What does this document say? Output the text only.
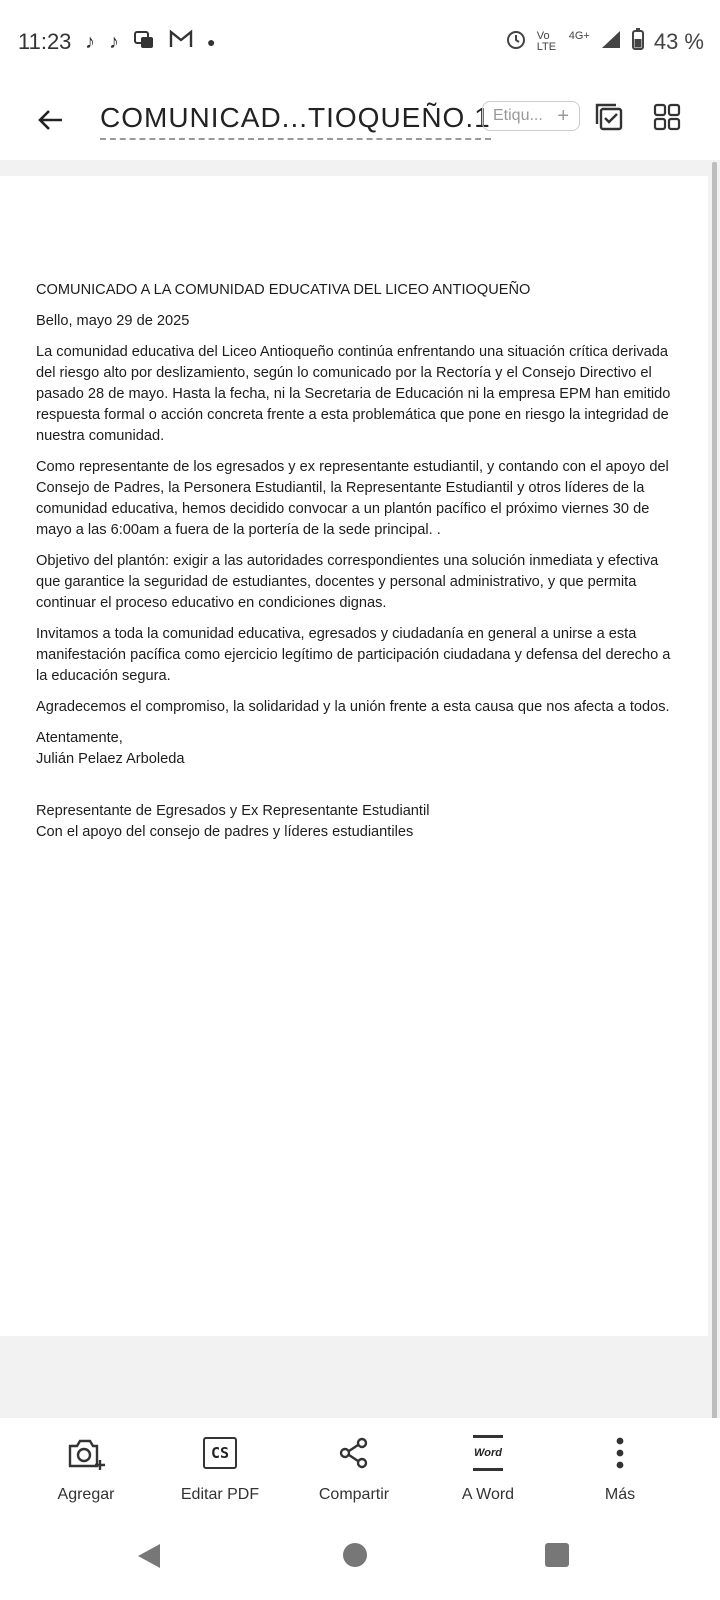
11:23 ♪ ♪	●	Vo LTE
4G+	43 %
COMUNICAD...TIOQUEÑO.1 Etiqu... +

COMUNICADO A LA COMUNIDAD EDUCATIVA DEL LICEO ANTIOQUEÑO

Bello, mayo 29 de 2025

La comunidad educativa del Liceo Antioqueño continúa enfrentando una situación crítica derivada del riesgo alto por deslizamiento, según lo comunicado por la Rectoría y el Consejo Directivo el pasado 28 de mayo. Hasta la fecha, ni la Secretaria de Educación ni la empresa EPM han emitido respuesta formal o acción concreta frente a esta problemática que pone en riesgo la integridad de nuestra comunidad.

Como representante de los egresados y ex representante estudiantil, y contando con el apoyo del Consejo de Padres, la Personera Estudiantil, la Representante Estudiantil y otros líderes de la comunidad educativa, hemos decidido convocar a un plantón pacífico el próximo viernes 30 de mayo a las 6:00am a fuera de la portería de la sede principal. .

Objetivo del plantón: exigir a las autoridades correspondientes una solución inmediata y efectiva que garantice la seguridad de estudiantes, docentes y personal administrativo, y que permita continuar el proceso educativo en condiciones dignas.

Invitamos a toda la comunidad educativa, egresados y ciudadanía en general a unirse a esta manifestación pacífica como ejercicio legítimo de participación ciudadana y defensa del derecho a la educación segura.

Agradecemos el compromiso, la solidaridad y la unión frente a esta causa que nos afecta a todos.

Atentamente,

Julián Pelaez Arboleda

Representante de Egresados y Ex Representante Estudiantil

Con el apoyo del consejo de padres y líderes estudiantiles

Agregar
CS
Editar PDF	Compartir
Word
A Word	Más
